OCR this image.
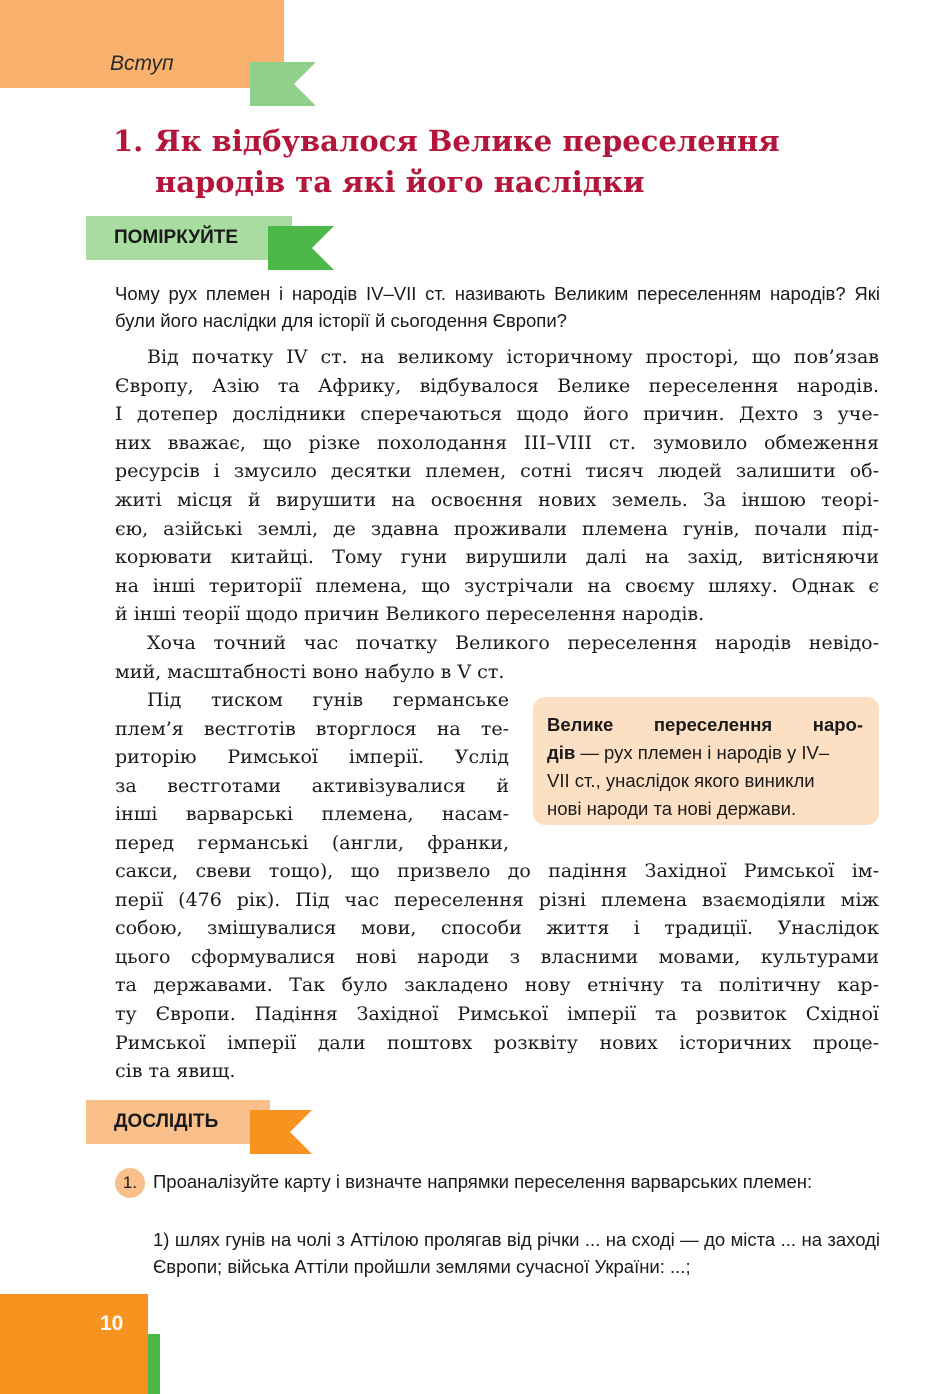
Вступ
1. Як відбувалося Велике переселення
народів та які його наслідки
ПОМІРКУЙТЕ
Чому рух племен і народів IV–VII ст. називають Великим переселенням народів? Які були його наслідки для історії й сьогодення Європи?
Від початку IV ст. на великому історичному просторі, що пов’язав
Європу, Азію та Африку, відбувалося Велике переселення народів.
І дотепер дослідники сперечаються щодо його причин. Дехто з уче-
них вважає, що різке похолодання III–VIII ст. зумовило обмеження
ресурсів і змусило десятки племен, сотні тисяч людей залишити об-
житі місця й вирушити на освоєння нових земель. За іншою теорі-
єю, азійські землі, де здавна проживали племена гунів, почали під-
корювати китайці. Тому гуни вирушили далі на захід, витісняючи
на інші території племена, що зустрічали на своєму шляху. Однак є
й інші теорії щодо причин Великого переселення народів.
Хоча точний час початку Великого переселення народів невідо-
мий, масштабності воно набуло в V ст.
Під тиском гунів германське
плем’я вестготів вторглося на те-
риторію Римської імперії. Услід
за вестготами активізувалися й
інші варварські племена, насам-
перед германські (англи, франки,
сакси, свеви тощо), що призвело до падіння Західної Римської ім-
перії (476 рік). Під час переселення різні племена взаємодіяли між
собою, змішувалися мови, способи життя і традиції. Унаслідок
цього сформувалися нові народи з власними мовами, культурами
та державами. Так було закладено нову етнічну та політичну кар-
ту Європи. Падіння Західної Римської імперії та розвиток Східної
Римської імперії дали поштовх розквіту нових історичних проце-
сів та явищ.
Велике переселення наро-
дів — рух племен і народів у IV–
VII ст., унаслідок якого виникли
нові народи та нові держави.
ДОСЛІДІТЬ
1. Проаналізуйте карту і визначте напрямки переселення варварських племен:
1) шлях гунів на чолі з Аттілою пролягав від річки ... на сході — до міста ... на заході Європи; війська Аттіли пройшли землями сучасної України: ...;
10
